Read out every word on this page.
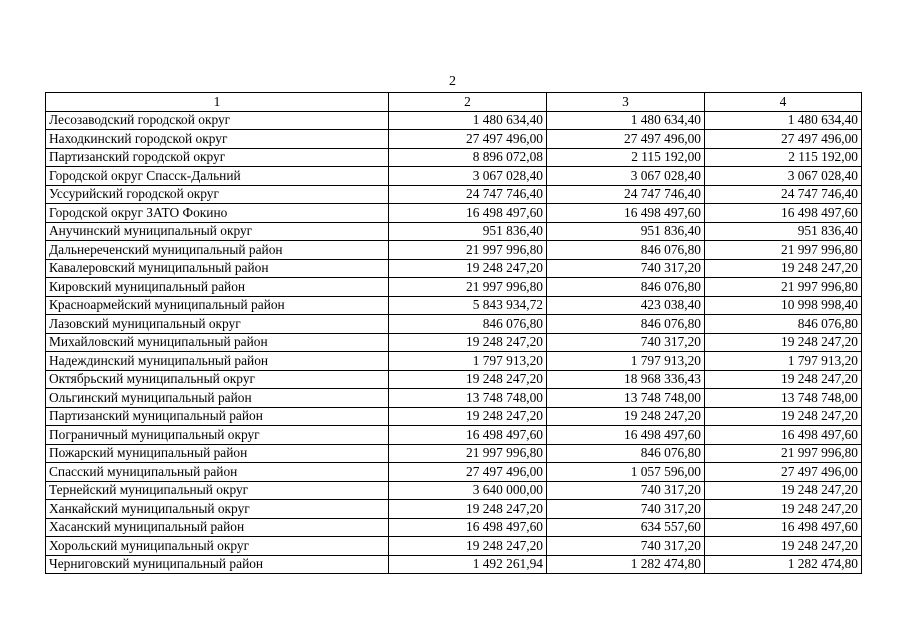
2
1	2	3	4
Лесозаводский городской округ	1 480 634,40	1 480 634,40	1 480 634,40
Находкинский городской округ	27 497 496,00	27 497 496,00	27 497 496,00
Партизанский городской округ	8 896 072,08	2 115 192,00	2 115 192,00
Городской округ Спасск-Дальний	3 067 028,40	3 067 028,40	3 067 028,40
Уссурийский городской округ	24 747 746,40	24 747 746,40	24 747 746,40
Городской округ ЗАТО Фокино	16 498 497,60	16 498 497,60	16 498 497,60
Анучинский муниципальный округ	951 836,40	951 836,40	951 836,40
Дальнереченский муниципальный район	21 997 996,80	846 076,80	21 997 996,80
Кавалеровский муниципальный район	19 248 247,20	740 317,20	19 248 247,20
Кировский муниципальный район	21 997 996,80	846 076,80	21 997 996,80
Красноармейский муниципальный район	5 843 934,72	423 038,40	10 998 998,40
Лазовский муниципальный округ	846 076,80	846 076,80	846 076,80
Михайловский муниципальный район	19 248 247,20	740 317,20	19 248 247,20
Надеждинский муниципальный район	1 797 913,20	1 797 913,20	1 797 913,20
Октябрьский муниципальный округ	19 248 247,20	18 968 336,43	19 248 247,20
Ольгинский муниципальный район	13 748 748,00	13 748 748,00	13 748 748,00
Партизанский муниципальный район	19 248 247,20	19 248 247,20	19 248 247,20
Пограничный муниципальный округ	16 498 497,60	16 498 497,60	16 498 497,60
Пожарский муниципальный район	21 997 996,80	846 076,80	21 997 996,80
Спасский муниципальный район	27 497 496,00	1 057 596,00	27 497 496,00
Тернейский муниципальный округ	3 640 000,00	740 317,20	19 248 247,20
Ханкайский муниципальный округ	19 248 247,20	740 317,20	19 248 247,20
Хасанский муниципальный район	16 498 497,60	634 557,60	16 498 497,60
Хорольский муниципальный округ	19 248 247,20	740 317,20	19 248 247,20
Черниговский муниципальный район	1 492 261,94	1 282 474,80	1 282 474,80
